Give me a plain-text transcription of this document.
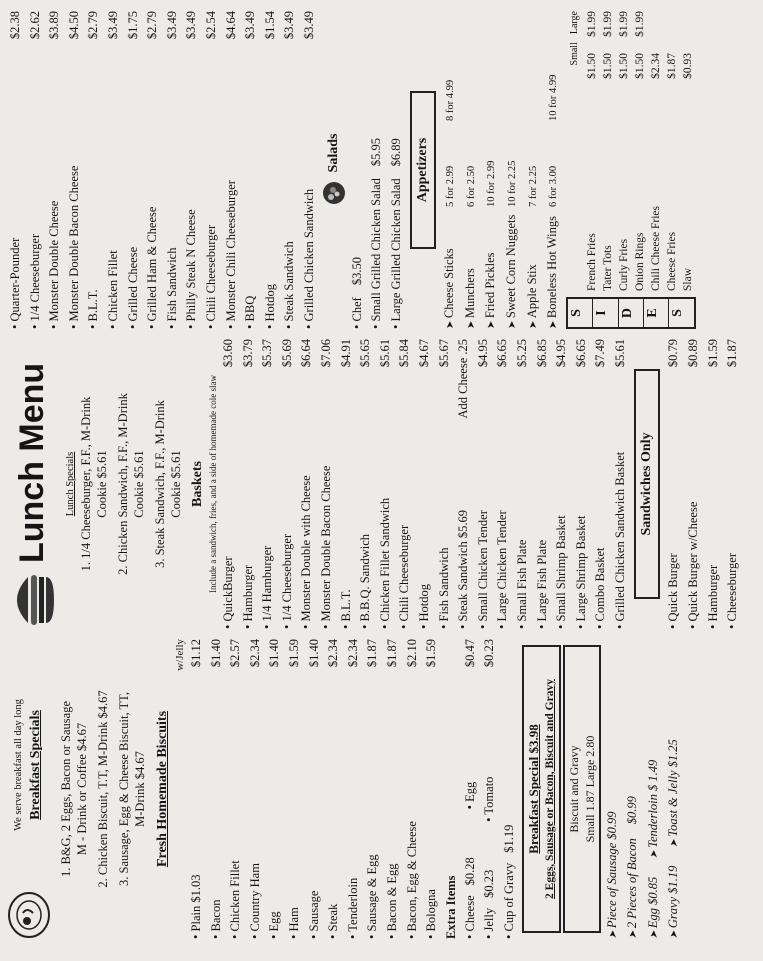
We serve breakfast all day long Breakfast Specials 1. B&G, 2 Eggs, Bacon or Sausage M - Drink or Coffee $4.67 2. Chicken Biscuit, T.T, M-Drink $4.67 3. Sausage, Egg & Cheese Biscuit, TT, M-Drink $4.67 Fresh Homemade Biscuits
w/Jelly
• Plain $1.03
$1.12
• Bacon
$1.40
• Chicken Fillet
$2.57
• Country Ham
$2.34
• Egg
$1.40
• Ham
$1.59
• Sausage
$1.40
• Steak
$2.34
• Tenderloin
$2.34
• Sausage & Egg
$1.87
• Bacon & Egg
$1.87
• Bacon, Egg & Cheese
$2.10
• Bologna
$1.59
Extra Items • Cheese
$0.28
• Egg
$0.47
• Jelly
$0.23
• Tomato
$0.23
• Cup of Gravy
$1.19 Breakfast Special $3.98 2 Eggs, Sausage or Bacon, Biscuit and Gravy Biscuit and Gravy Small 1.87 Large 2.80
➤ Piece of Sausage $0.99 ➤ 2 Pieces of Bacon
$0.99
➤ Egg $0.85
➤ Tenderloin $ 1.49
➤ Gravy $1.19
➤ Toast & Jelly $1.25
Lunch Menu Lunch Specials 1. 1/4 Cheeseburger, F.F., M-Drink Cookie $5.61 2. Chicken Sandwich, F.F., M-Drink Cookie $5.61 3. Steak Sandwich, F.F., M-Drink Cookie $5.61 Baskets Include a sandwich, fries, and a side of homemade cole slaw • QuickBurger
$3.60
• Hamburger
$3.79
• 1/4 Hamburger
$5.37
• 1/4 Cheeseburger
$5.69
• Monster Double with Cheese
$6.64
• Monster Double Bacon Cheese
$7.06
• B.L.T.
$4.91
• B.B.Q. Sandwich
$5.65
• Chicken Fillet Sandwich
$5.61
• Chili Cheeseburger
$5.84
• Hotdog
$4.67
• Fish Sandwich
$5.67
• Steak Sandwich $5.69
Add Cheese .25
• Small Chicken Tender
$4.95
• Large Chicken Tender
$6.65
• Small Fish Plate
$5.25
• Large Fish Plate
$6.85
• Small Shrimp Basket
$4.95
• Large Shrimp Basket
$6.65
• Combo Basket
$7.49
• Grilled Chicken Sandwich Basket
$5.61
Sandwiches Only
• Quick Burger
$0.79
• Quick Burger w/Cheese
$0.89
• Hamburger
$1.59
• Cheeseburger
$1.87
• Quarter-Pounder
$2.38
• 1/4 Cheeseburger
$2.62
• Monster Double Cheese
$3.89
• Monster Double Bacon Cheese
$4.50
• B.L.T.
$2.79
• Chicken Fillet
$3.49
• Grilled Cheese
$1.75
• Grilled Ham & Cheese
$2.79
• Fish Sandwich
$3.49
• Philly Steak N Cheese
$3.49
• Chili Cheeseburger
$2.54
• Monster Chili Cheeseburger
$4.64
• BBQ
$3.49
• Hotdog
$1.54
• Steak Sandwich
$3.49
• Grilled Chicken Sandwich
$3.49
Salads
• Chef
$3.50 • Small Grilled Chicken Salad
$5.95
• Large Grilled Chicken Salad
$6.89 Appetizers
➤ Cheese Sticks
5 for 2.99
8 for 4.99
➤ Munchers
6 for 2.50
➤ Fried Pickles
10 for 2.99
➤ Sweet Corn Nuggets
10 for 2.25
➤ Apple Stix
7 for 2.25
➤ Boneless Hot Wings
6 for 3.00
10 for 4.99
S I D E S
Small
Large
French Fries
$1.50
$1.99
Tater Tots
$1.50
$1.99
Curly Fries
$1.50
$1.99
Onion Rings
$1.50
$1.99
Chili Cheese Fries
$2.34
Cheese Fries
$1.87
Slaw
$0.93
